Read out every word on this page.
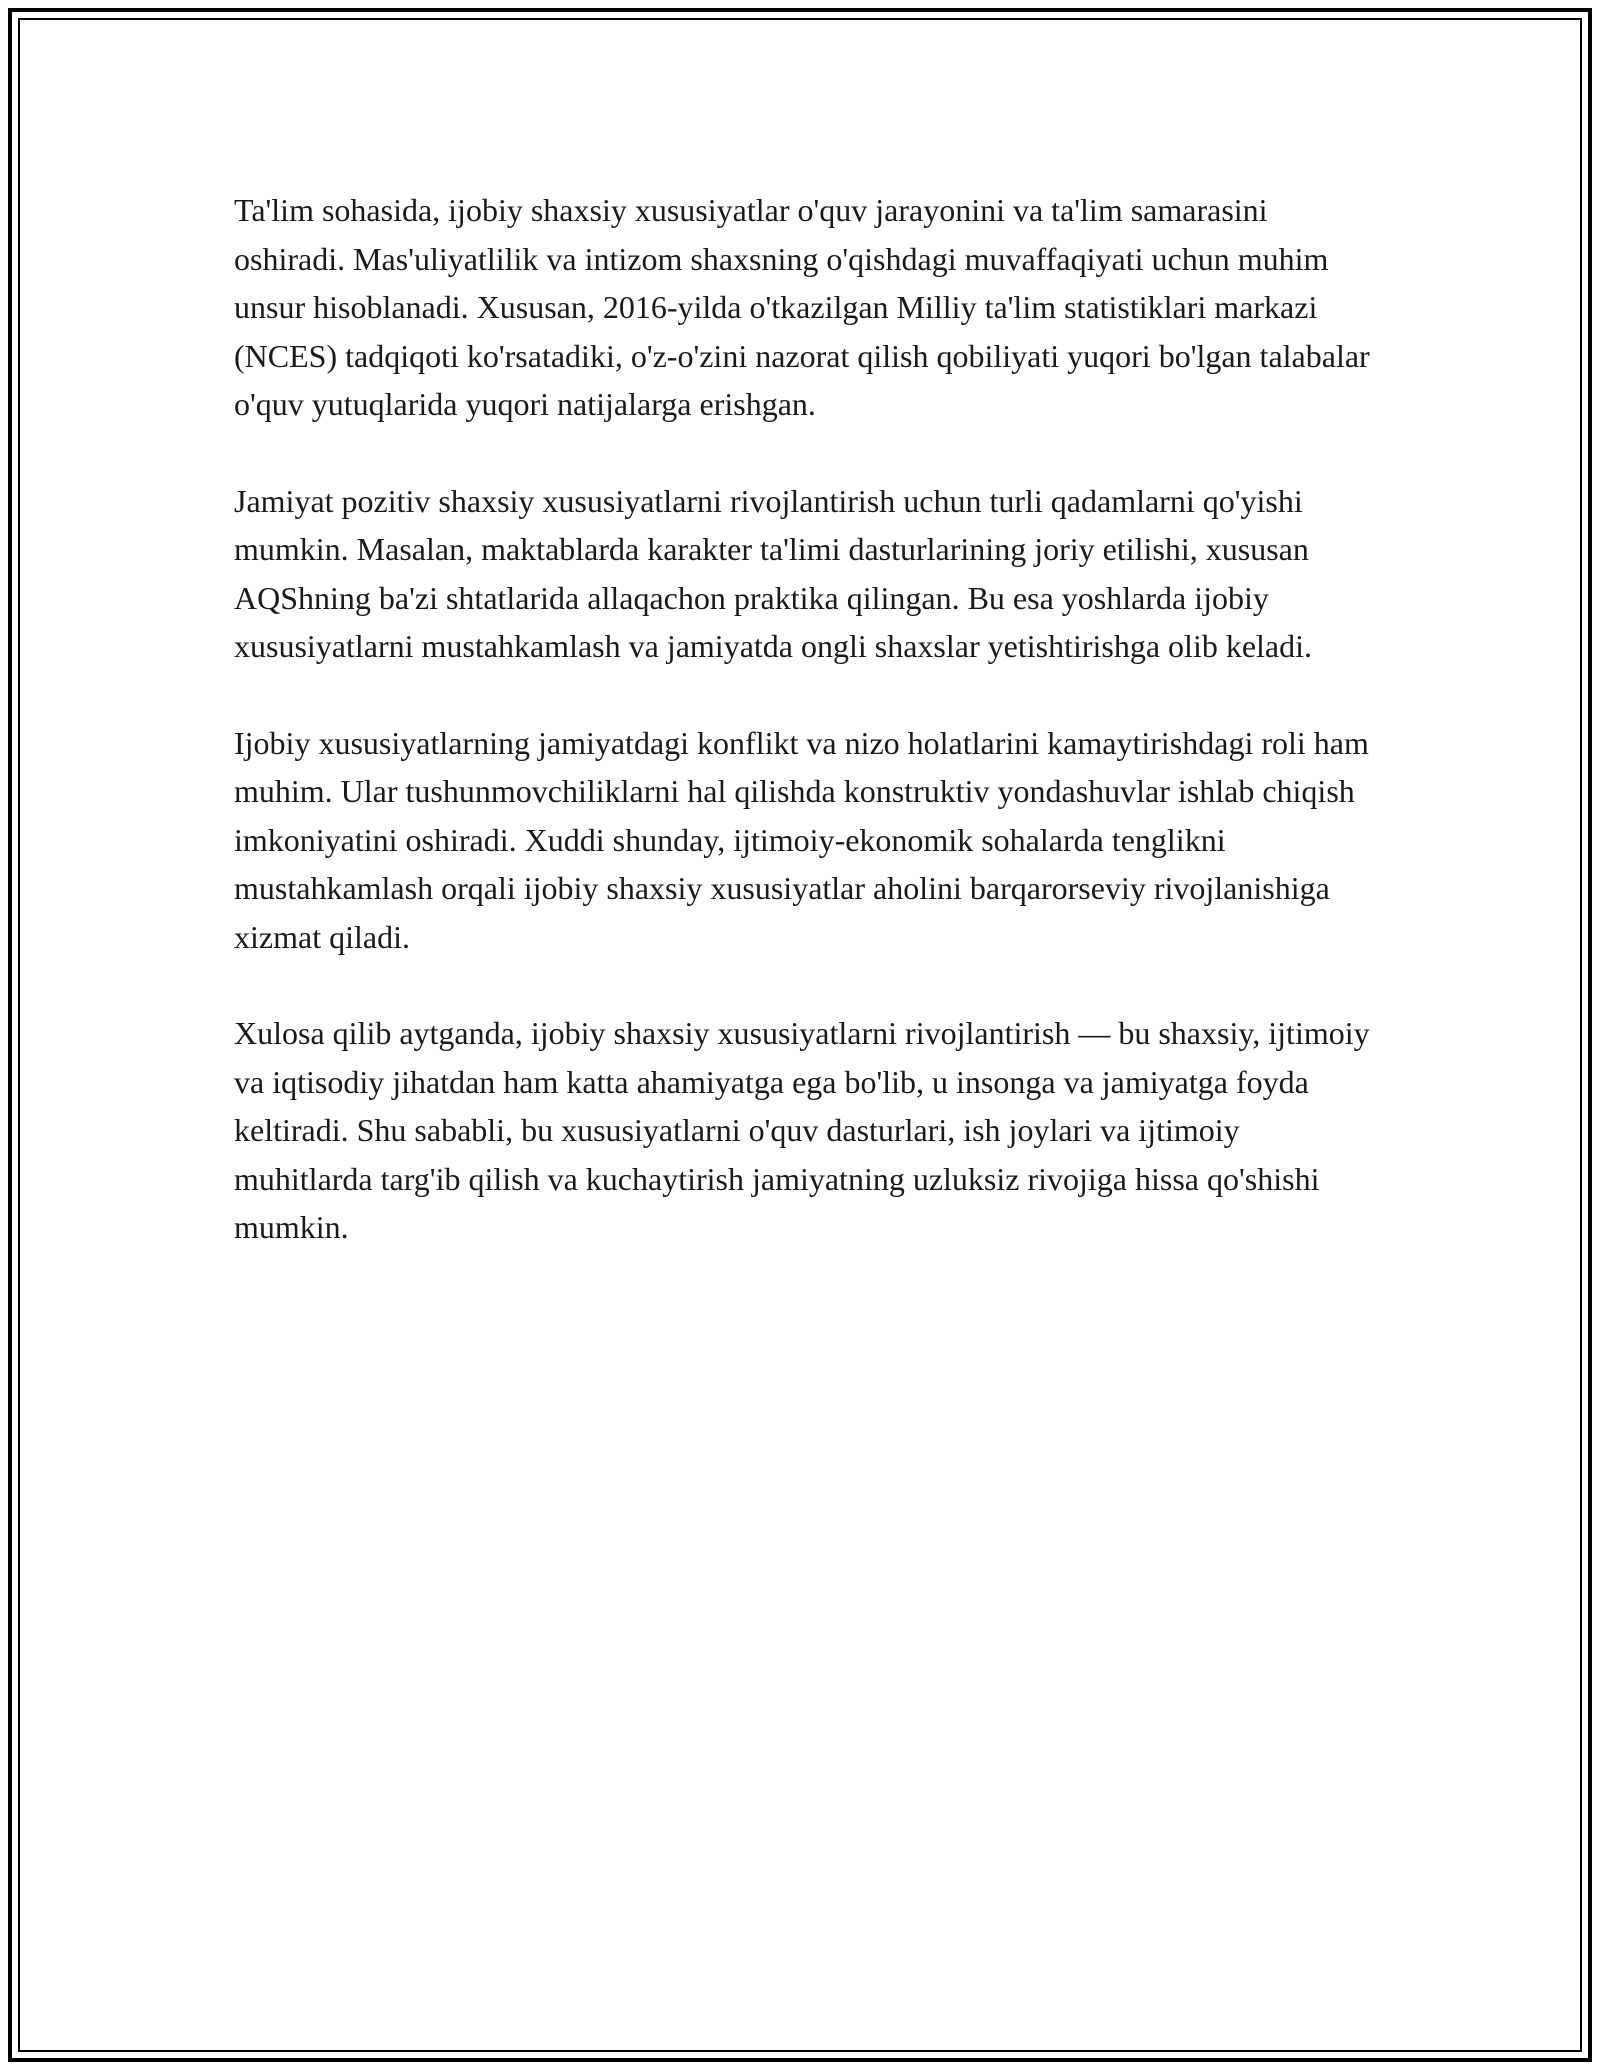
Ta'lim sohasida, ijobiy shaxsiy xususiyatlar o'quv jarayonini va ta'lim samarasini oshiradi. Mas'uliyatlilik va intizom shaxsning o'qishdagi muvaffaqiyati uchun muhim unsur hisoblanadi. Xususan, 2016-yilda o'tkazilgan Milliy ta'lim statistiklari markazi (NCES) tadqiqoti ko'rsatadiki, o'z-o'zini nazorat qilish qobiliyati yuqori bo'lgan talabalar o'quv yutuqlarida yuqori natijalarga erishgan.

Jamiyat pozitiv shaxsiy xususiyatlarni rivojlantirish uchun turli qadamlarni qo'yishi mumkin. Masalan, maktablarda karakter ta'limi dasturlarining joriy etilishi, xususan AQShning ba'zi shtatlarida allaqachon praktika qilingan. Bu esa yoshlarda ijobiy xususiyatlarni mustahkamlash va jamiyatda ongli shaxslar yetishtirishga olib keladi.

Ijobiy xususiyatlarning jamiyatdagi konflikt va nizo holatlarini kamaytirishdagi roli ham muhim. Ular tushunmovchiliklarni hal qilishda konstruktiv yondashuvlar ishlab chiqish imkoniyatini oshiradi. Xuddi shunday, ijtimoiy-ekonomik sohalarda tenglikni mustahkamlash orqali ijobiy shaxsiy xususiyatlar aholini barqarorseviy rivojlanishiga xizmat qiladi.

Xulosa qilib aytganda, ijobiy shaxsiy xususiyatlarni rivojlantirish — bu shaxsiy, ijtimoiy va iqtisodiy jihatdan ham katta ahamiyatga ega bo'lib, u insonga va jamiyatga foyda keltiradi. Shu sababli, bu xususiyatlarni o'quv dasturlari, ish joylari va ijtimoiy muhitlarda targ'ib qilish va kuchaytirish jamiyatning uzluksiz rivojiga hissa qo'shishi mumkin.
